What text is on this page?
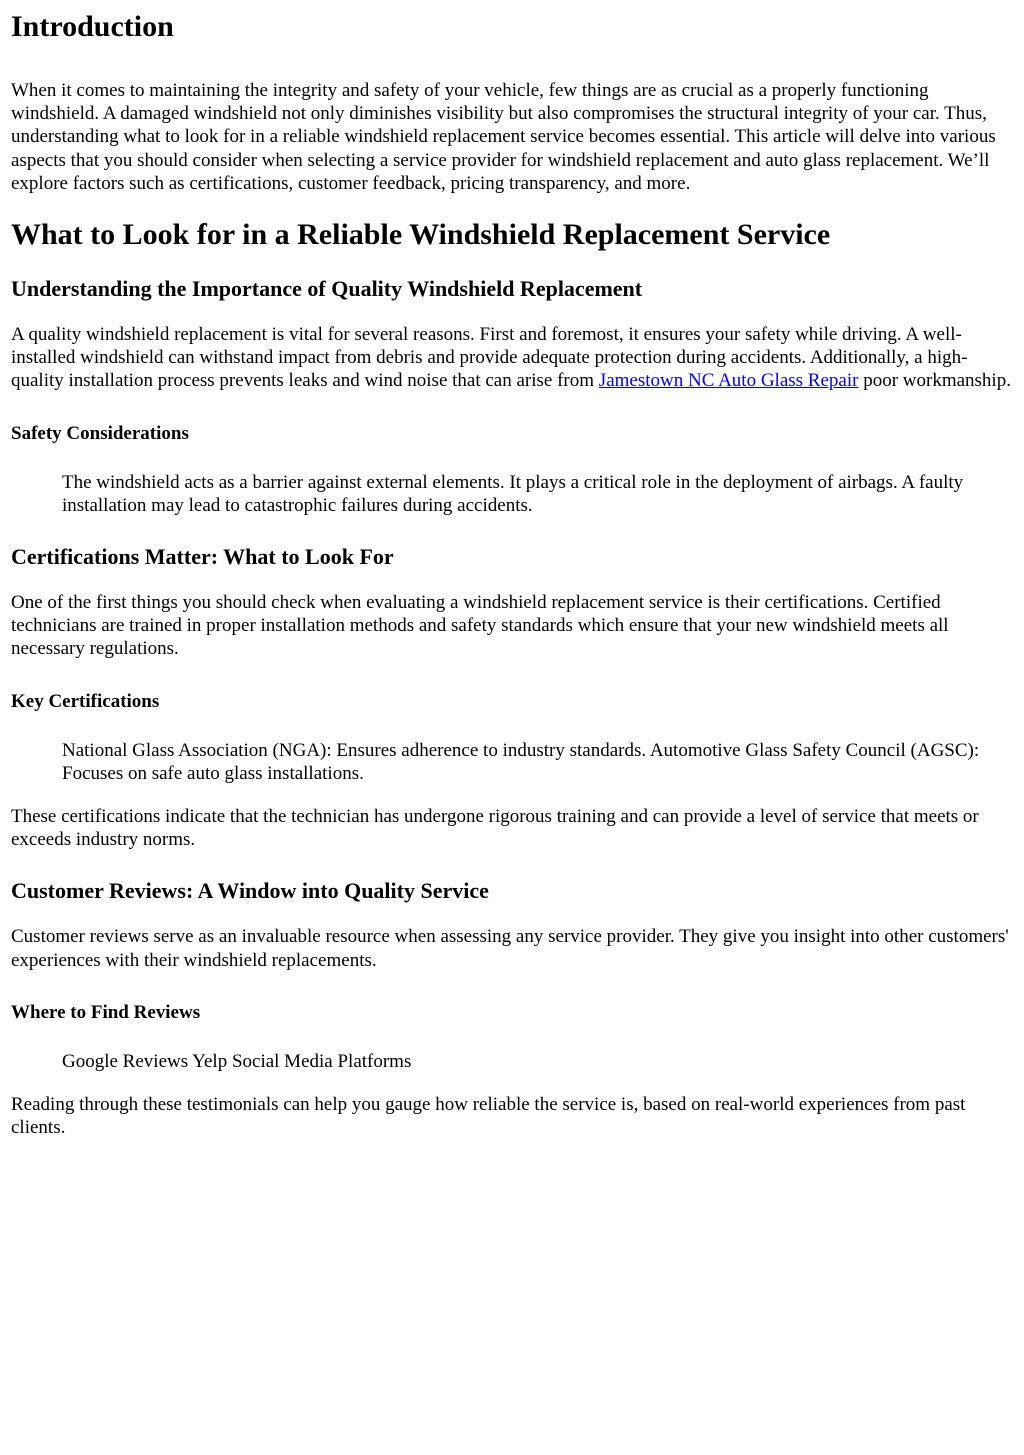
Introduction

When it comes to maintaining the integrity and safety of your vehicle, few things are as crucial as a properly functioning windshield. A damaged windshield not only diminishes visibility but also compromises the structural integrity of your car. Thus, understanding what to look for in a reliable windshield replacement service becomes essential. This article will delve into various aspects that you should consider when selecting a service provider for windshield replacement and auto glass replacement. We’ll explore factors such as certifications, customer feedback, pricing transparency, and more.

What to Look for in a Reliable Windshield Replacement Service
Understanding the Importance of Quality Windshield Replacement

A quality windshield replacement is vital for several reasons. First and foremost, it ensures your safety while driving. A well-installed windshield can withstand impact from debris and provide adequate protection during accidents. Additionally, a high-quality installation process prevents leaks and wind noise that can arise from Jamestown NC Auto Glass Repair poor workmanship.

Safety Considerations

The windshield acts as a barrier against external elements. It plays a critical role in the deployment of airbags. A faulty installation may lead to catastrophic failures during accidents.

Certifications Matter: What to Look For

One of the first things you should check when evaluating a windshield replacement service is their certifications. Certified technicians are trained in proper installation methods and safety standards which ensure that your new windshield meets all necessary regulations.

Key Certifications

National Glass Association (NGA): Ensures adherence to industry standards. Automotive Glass Safety Council (AGSC): Focuses on safe auto glass installations.

These certifications indicate that the technician has undergone rigorous training and can provide a level of service that meets or exceeds industry norms.

Customer Reviews: A Window into Quality Service

Customer reviews serve as an invaluable resource when assessing any service provider. They give you insight into other customers' experiences with their windshield replacements.

Where to Find Reviews

Google Reviews Yelp Social Media Platforms

Reading through these testimonials can help you gauge how reliable the service is, based on real-world experiences from past clients.
